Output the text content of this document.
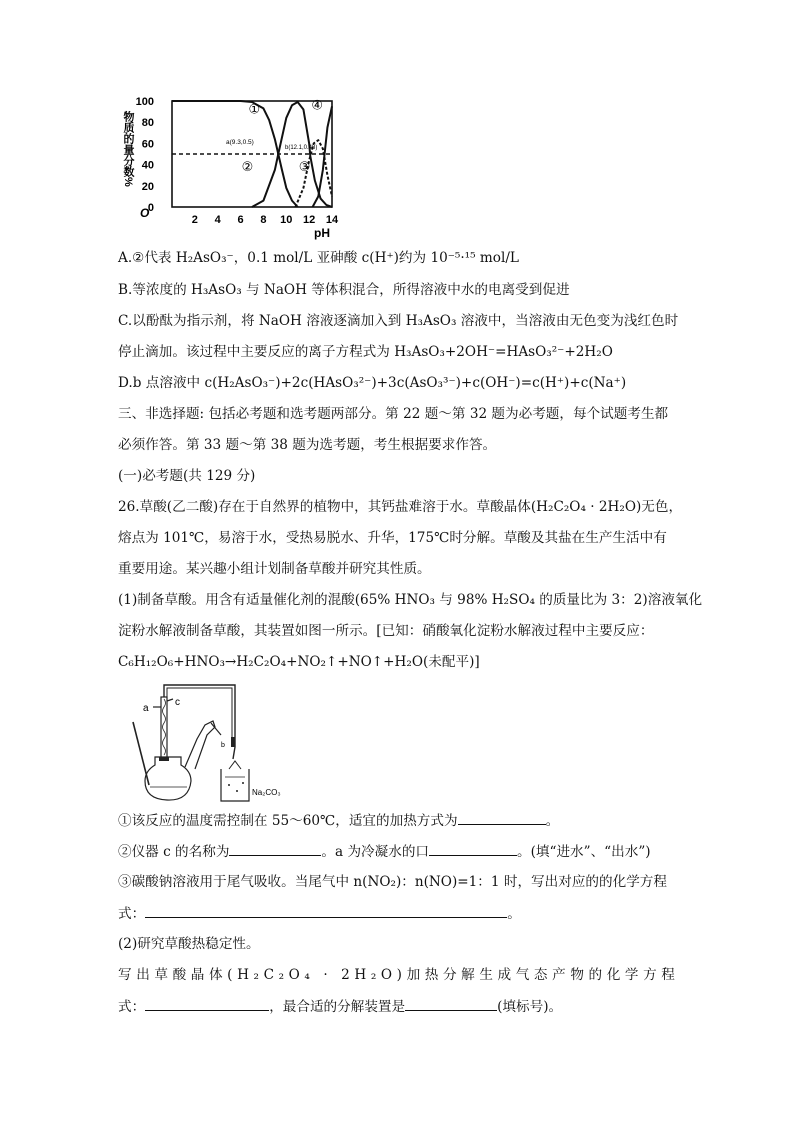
物质的量分数%
0
20
40
60
80
100
2 4 6 8 10 12 14
O
pH
①
②	③
④
a(9.3,0.5)
b(12.1,0.48)
A.②代表 H₂AsO₃⁻，0.1 mol/L 亚砷酸 c(H⁺)约为 10⁻⁵·¹⁵ mol/L
B.等浓度的 H₃AsO₃ 与 NaOH 等体积混合，所得溶液中水的电离受到促进
C.以酚酞为指示剂，将 NaOH 溶液逐滴加入到 H₃AsO₃ 溶液中，当溶液由无色变为浅红色时
停止滴加。该过程中主要反应的离子方程式为 H₃AsO₃+2OH⁻=HAsO₃²⁻+2H₂O
D.b 点溶液中 c(H₂AsO₃⁻)+2c(HAsO₃²⁻)+3c(AsO₃³⁻)+c(OH⁻)=c(H⁺)+c(Na⁺)
三、非选择题: 包括必考题和选考题两部分。第 22 题～第 32 题为必考题，每个试题考生都
必须作答。第 33 题～第 38 题为选考题，考生根据要求作答。
(一)必考题(共 129 分)
26.草酸(乙二酸)存在于自然界的植物中，其钙盐难溶于水。草酸晶体(H₂C₂O₄ · 2H₂O)无色，
熔点为 101℃，易溶于水，受热易脱水、升华，175℃时分解。草酸及其盐在生产生活中有
重要用途。某兴趣小组计划制备草酸并研究其性质。
(1)制备草酸。用含有适量催化剂的混酸(65% HNO₃ 与 98% H₂SO₄ 的质量比为 3：2)溶液氧化
淀粉水解液制备草酸，其装置如图一所示。[已知：硝酸氧化淀粉水解液过程中主要反应：
C₆H₁₂O₆+HNO₃→H₂C₂O₄+NO₂↑+NO↑+H₂O(未配平)]
a
c
b
Na₂CO₃
①该反应的温度需控制在 55～60℃，适宜的加热方式为	。
②仪器 c 的名称为	。a 为冷凝水的口	。(填“进水”、“出水”)
③碳酸钠溶液用于尾气吸收。当尾气中 n(NO₂)：n(NO)=1：1 时，写出对应的的化学方程
式：	。
(2)研究草酸热稳定性。
写出草酸晶体(H₂C₂O₄ · 2H₂O)加热分解生成气态产物的化学方程
式：	，最合适的分解装置是	(填标号)。
